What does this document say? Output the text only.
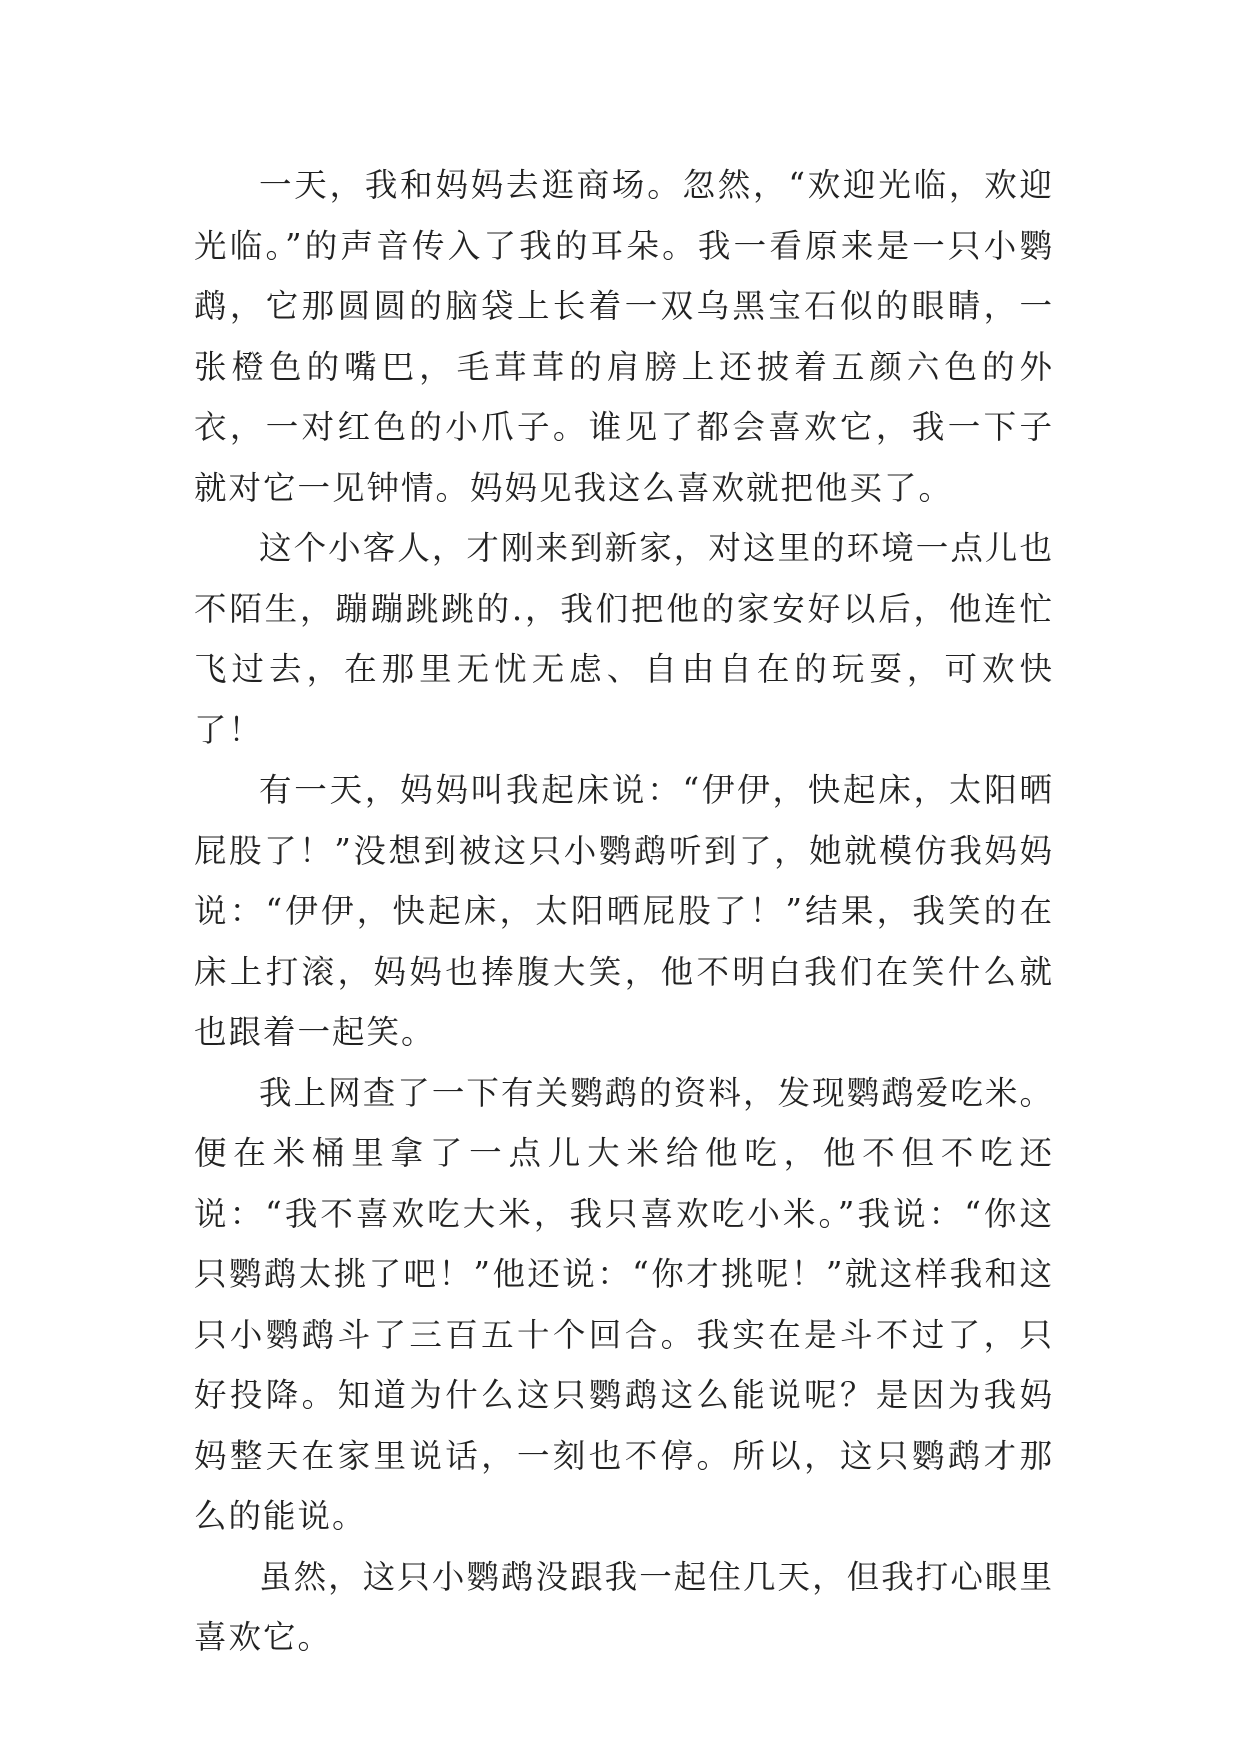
一天，我和妈妈去逛商场。忽然，“欢迎光临，欢迎光临。”的声音传入了我的耳朵。我一看原来是一只小鹦鹉，它那圆圆的脑袋上长着一双乌黑宝石似的眼睛，一张橙色的嘴巴，毛茸茸的肩膀上还披着五颜六色的外衣，一对红色的小爪子。谁见了都会喜欢它，我一下子就对它一见钟情。妈妈见我这么喜欢就把他买了。

这个小客人，才刚来到新家，对这里的环境一点儿也不陌生，蹦蹦跳跳的.，我们把他的家安好以后，他连忙飞过去，在那里无忧无虑、自由自在的玩耍，可欢快了！

有一天，妈妈叫我起床说：“伊伊，快起床，太阳晒屁股了！”没想到被这只小鹦鹉听到了，她就模仿我妈妈说：“伊伊，快起床，太阳晒屁股了！”结果，我笑的在床上打滚，妈妈也捧腹大笑，他不明白我们在笑什么就也跟着一起笑。

我上网查了一下有关鹦鹉的资料，发现鹦鹉爱吃米。便在米桶里拿了一点儿大米给他吃，他不但不吃还说：“我不喜欢吃大米，我只喜欢吃小米。”我说：“你这只鹦鹉太挑了吧！”他还说：“你才挑呢！”就这样我和这只小鹦鹉斗了三百五十个回合。我实在是斗不过了，只好投降。知道为什么这只鹦鹉这么能说呢？是因为我妈妈整天在家里说话，一刻也不停。所以，这只鹦鹉才那么的能说。

虽然，这只小鹦鹉没跟我一起住几天，但我打心眼里喜欢它。
